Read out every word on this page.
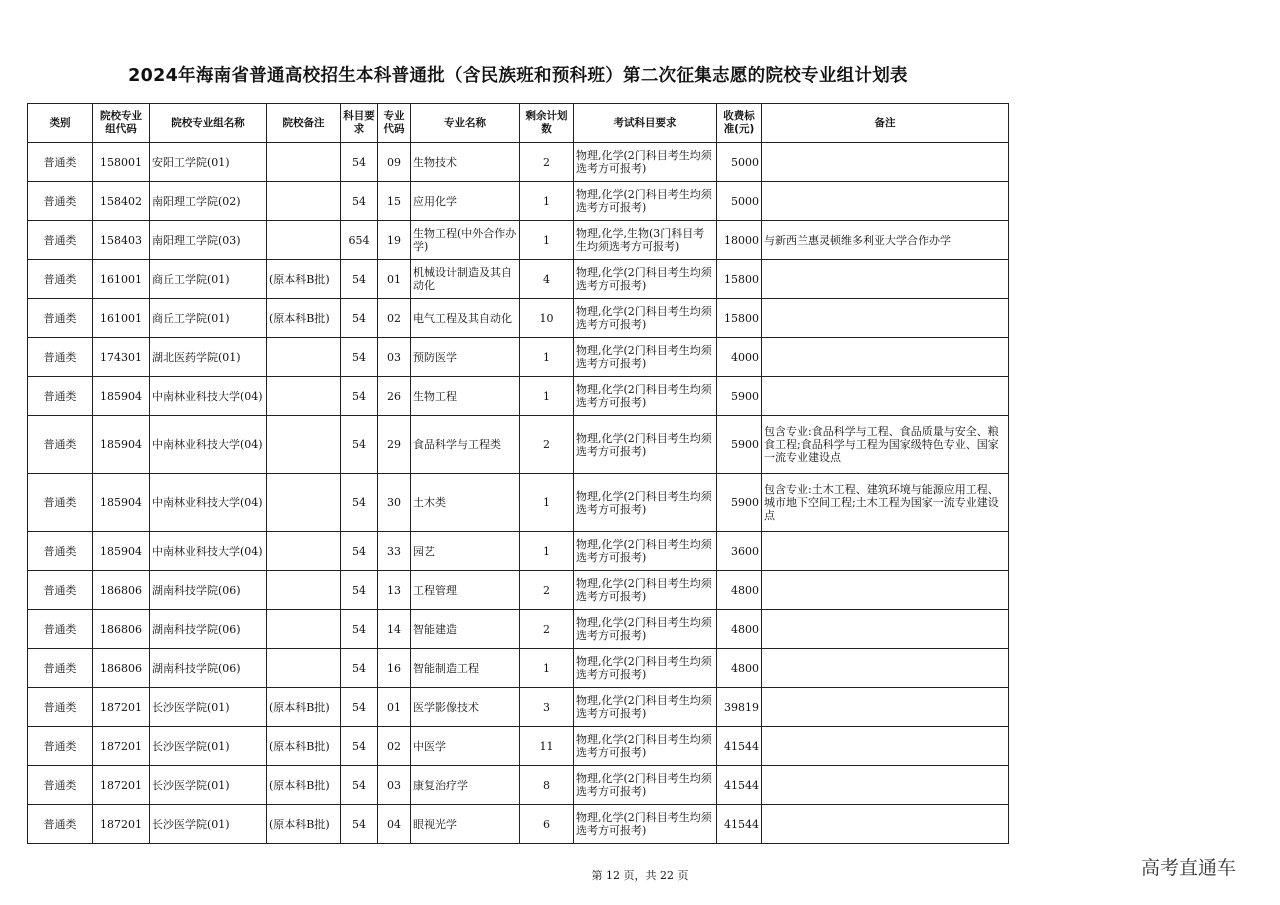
2024年海南省普通高校招生本科普通批（含民族班和预科班）第二次征集志愿的院校专业组计划表
类别	院校专业组代码	院校专业组名称	院校备注	科目要求	专业代码	专业名称	剩余计划数	考试科目要求	收费标准(元)	备注
普通类	158001	安阳工学院(01)		54	09	生物技术	2	物理,化学(2门科目考生均须选考方可报考)	5000	
普通类	158402	南阳理工学院(02)		54	15	应用化学	1	物理,化学(2门科目考生均须选考方可报考)	5000	
普通类	158403	南阳理工学院(03)		654	19	生物工程(中外合作办学)	1	物理,化学,生物(3门科目考生均须选考方可报考)	18000	与新西兰惠灵顿维多利亚大学合作办学
普通类	161001	商丘工学院(01)	(原本科B批)	54	01	机械设计制造及其自动化	4	物理,化学(2门科目考生均须选考方可报考)	15800	
普通类	161001	商丘工学院(01)	(原本科B批)	54	02	电气工程及其自动化	10	物理,化学(2门科目考生均须选考方可报考)	15800	
普通类	174301	湖北医药学院(01)		54	03	预防医学	1	物理,化学(2门科目考生均须选考方可报考)	4000	
普通类	185904	中南林业科技大学(04)		54	26	生物工程	1	物理,化学(2门科目考生均须选考方可报考)	5900	
普通类	185904	中南林业科技大学(04)		54	29	食品科学与工程类	2	物理,化学(2门科目考生均须选考方可报考)	5900	包含专业:食品科学与工程、食品质量与安全、粮食工程;食品科学与工程为国家级特色专业、国家一流专业建设点
普通类	185904	中南林业科技大学(04)		54	30	土木类	1	物理,化学(2门科目考生均须选考方可报考)	5900	包含专业:土木工程、建筑环境与能源应用工程、城市地下空间工程;土木工程为国家一流专业建设点
普通类	185904	中南林业科技大学(04)		54	33	园艺	1	物理,化学(2门科目考生均须选考方可报考)	3600	
普通类	186806	湖南科技学院(06)		54	13	工程管理	2	物理,化学(2门科目考生均须选考方可报考)	4800	
普通类	186806	湖南科技学院(06)		54	14	智能建造	2	物理,化学(2门科目考生均须选考方可报考)	4800	
普通类	186806	湖南科技学院(06)		54	16	智能制造工程	1	物理,化学(2门科目考生均须选考方可报考)	4800	
普通类	187201	长沙医学院(01)	(原本科B批)	54	01	医学影像技术	3	物理,化学(2门科目考生均须选考方可报考)	39819	
普通类	187201	长沙医学院(01)	(原本科B批)	54	02	中医学	11	物理,化学(2门科目考生均须选考方可报考)	41544	
普通类	187201	长沙医学院(01)	(原本科B批)	54	03	康复治疗学	8	物理,化学(2门科目考生均须选考方可报考)	41544	
普通类	187201	长沙医学院(01)	(原本科B批)	54	04	眼视光学	6	物理,化学(2门科目考生均须选考方可报考)	41544	
第 12 页，共 22 页	高考直通车
